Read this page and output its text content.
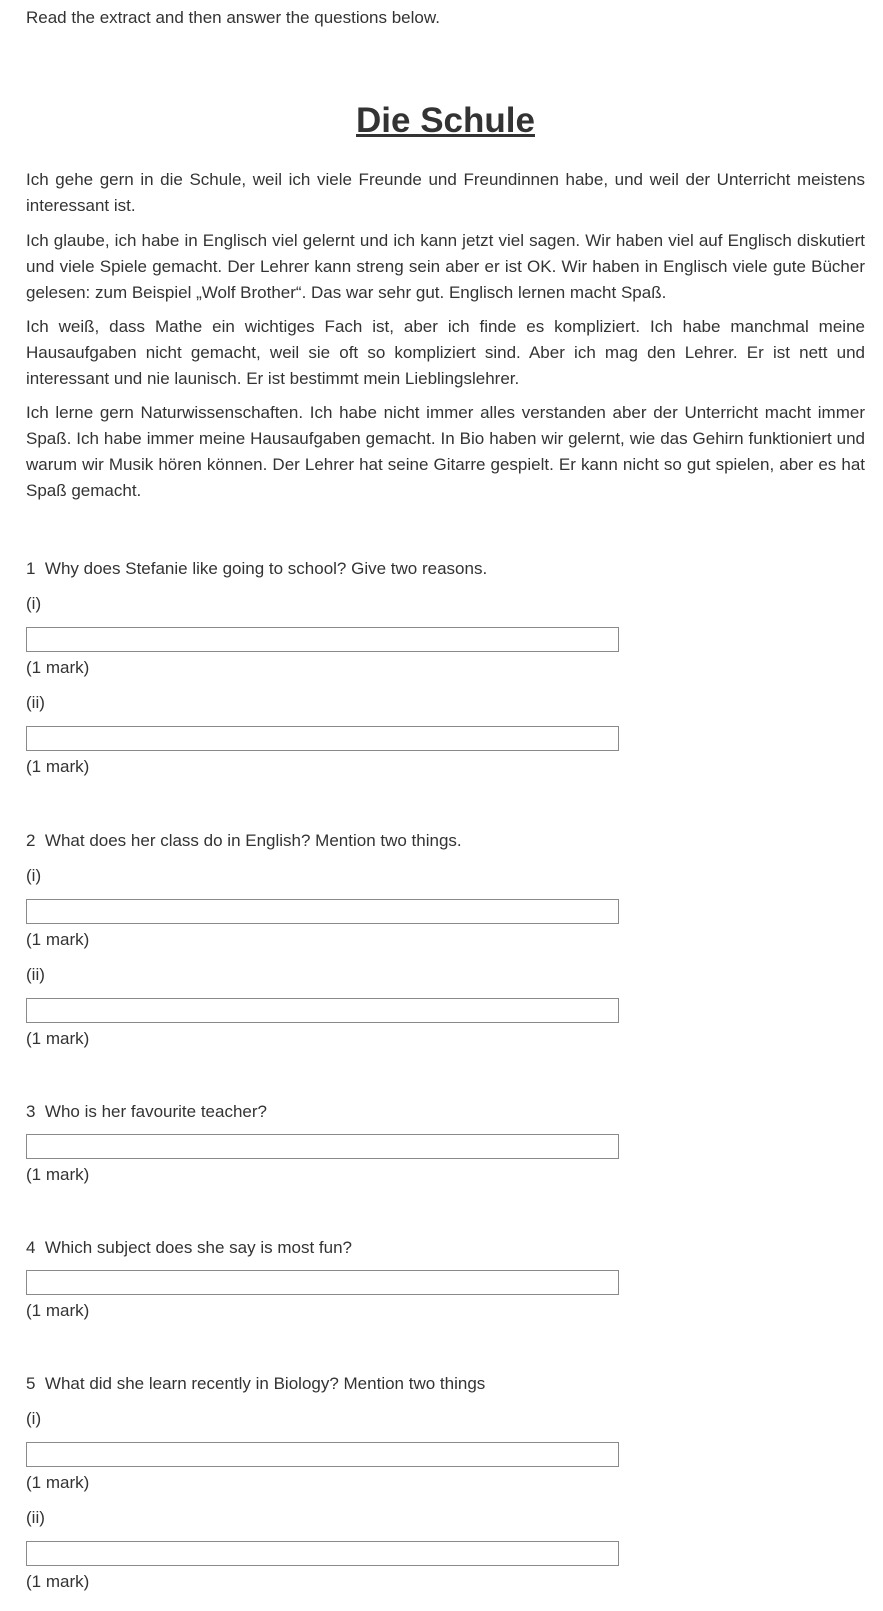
Read the extract and then answer the questions below.
Die Schule

Ich gehe gern in die Schule, weil ich viele Freunde und Freundinnen habe, und weil der Unterricht meistens interessant ist.

Ich glaube, ich habe in Englisch viel gelernt und ich kann jetzt viel sagen. Wir haben viel auf Englisch diskutiert und viele Spiele gemacht. Der Lehrer kann streng sein aber er ist OK. Wir haben in Englisch viele gute Bücher gelesen: zum Beispiel „Wolf Brother“. Das war sehr gut. Englisch lernen macht Spaß.

Ich weiß, dass Mathe ein wichtiges Fach ist, aber ich finde es kompliziert. Ich habe manchmal meine Hausaufgaben nicht gemacht, weil sie oft so kompliziert sind. Aber ich mag den Lehrer. Er ist nett und interessant und nie launisch. Er ist bestimmt mein Lieblingslehrer.

Ich lerne gern Naturwissenschaften. Ich habe nicht immer alles verstanden aber der Unterricht macht immer Spaß. Ich habe immer meine Hausaufgaben gemacht. In Bio haben wir gelernt, wie das Gehirn funktioniert und warum wir Musik hören können. Der Lehrer hat seine Gitarre gespielt. Er kann nicht so gut spielen, aber es hat Spaß gemacht.

1 Why does Stefanie like going to school? Give two reasons.
(i)
(1 mark)
(ii)
(1 mark)
2 What does her class do in English? Mention two things.
(i)
(1 mark)
(ii)
(1 mark)
3 Who is her favourite teacher?
(1 mark)
4 Which subject does she say is most fun?
(1 mark)
5 What did she learn recently in Biology? Mention two things
(i)
(1 mark)
(ii)
(1 mark)
